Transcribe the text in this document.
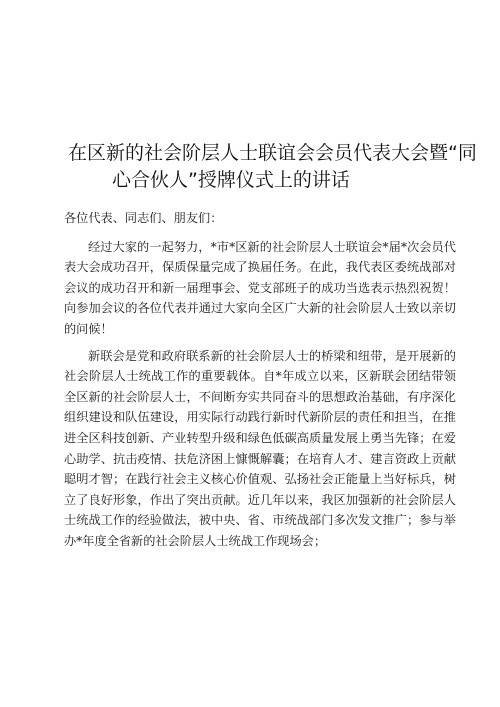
在区新的社会阶层人士联谊会会员代表大会暨“同
心合伙人”授牌仪式上的讲话

各位代表、同志们、朋友们：

经过大家的一起努力，*市*区新的社会阶层人士联谊会*届*次会员代表大会成功召开，保质保量完成了换届任务。在此，我代表区委统战部对会议的成功召开和新一届理事会、党支部班子的成功当选表示热烈祝贺！向参加会议的各位代表并通过大家向全区广大新的社会阶层人士致以亲切的问候！

新联会是党和政府联系新的社会阶层人士的桥梁和纽带，是开展新的社会阶层人士统战工作的重要载体。自*年成立以来，区新联会团结带领全区新的社会阶层人士，不间断夯实共同奋斗的思想政治基础，有序深化组织建设和队伍建设，用实际行动践行新时代新阶层的责任和担当，在推进全区科技创新、产业转型升级和绿色低碳高质量发展上勇当先锋；在爱心助学、抗击疫情、扶危济困上慷慨解囊；在培育人才、建言资政上贡献聪明才智；在践行社会主义核心价值观、弘扬社会正能量上当好标兵，树立了良好形象，作出了突出贡献。近几年以来，我区加强新的社会阶层人士统战工作的经验做法，被中央、省、市统战部门多次发文推广；参与举办*年度全省新的社会阶层人士统战工作现场会；
